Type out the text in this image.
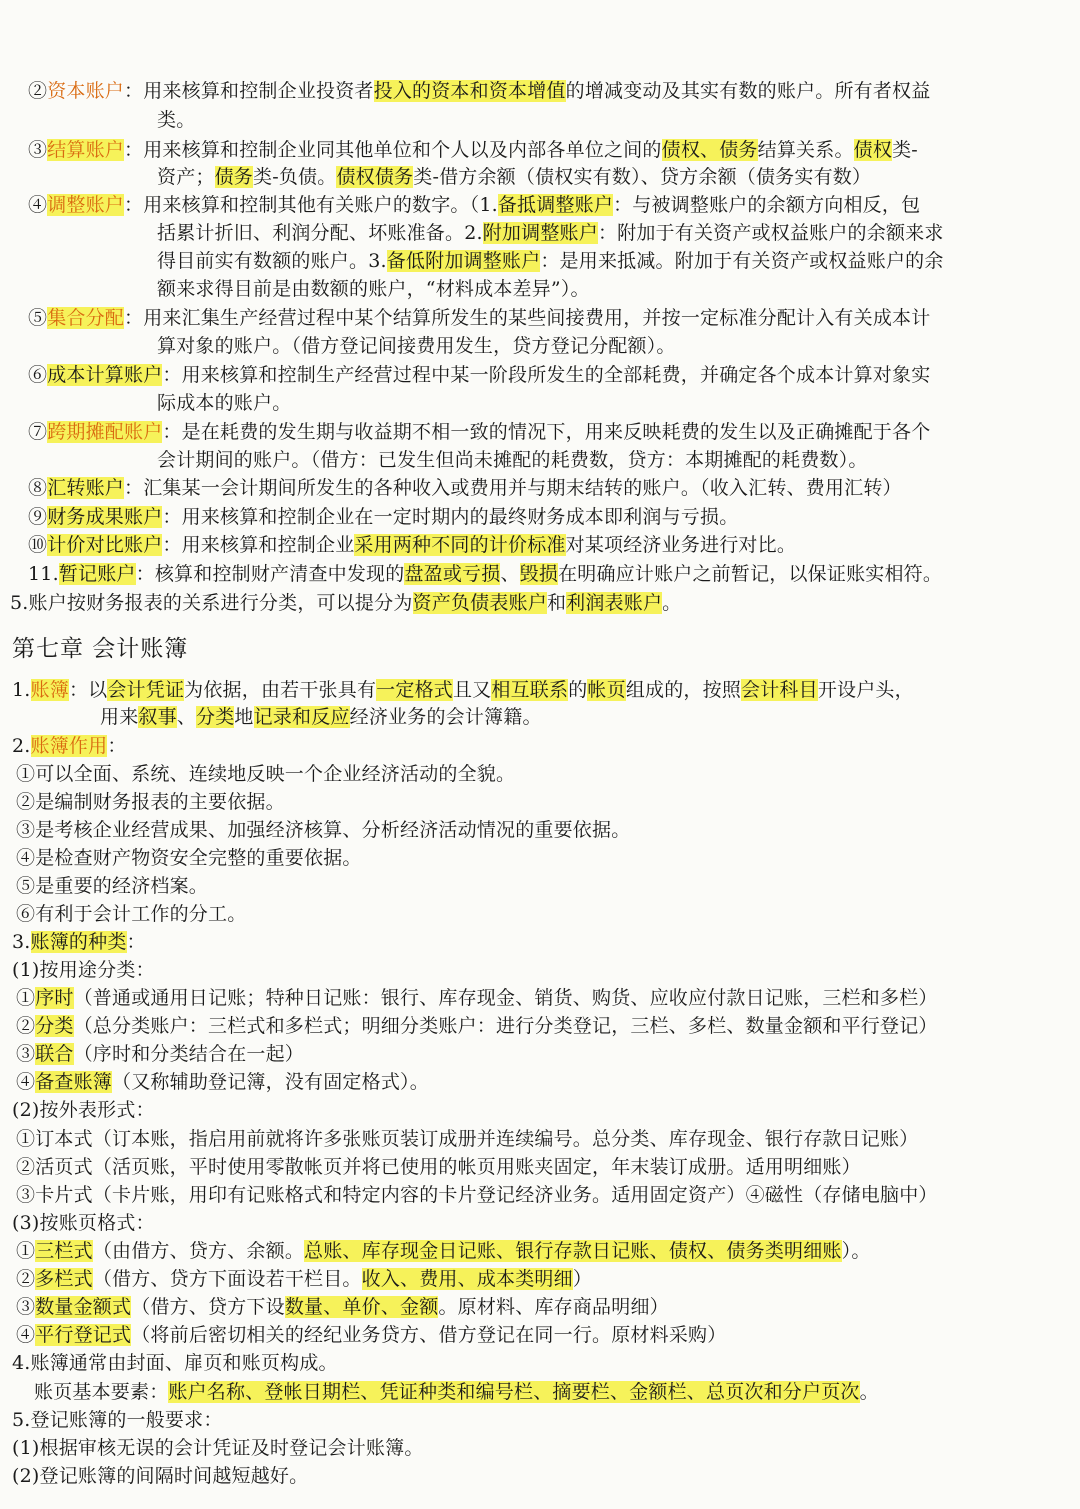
②资本账户：用来核算和控制企业投资者投入的资本和资本增值的增减变动及其实有数的账户。所有者权益
类。
③结算账户：用来核算和控制企业同其他单位和个人以及内部各单位之间的债权、债务结算关系。债权类-
资产；债务类-负债。债权债务类-借方余额（债权实有数）、贷方余额（债务实有数）
④调整账户：用来核算和控制其他有关账户的数字。（1.备抵调整账户：与被调整账户的余额方向相反，包
括累计折旧、利润分配、坏账准备。2.附加调整账户：附加于有关资产或权益账户的余额来求
得目前实有数额的账户。3.备低附加调整账户：是用来抵减。附加于有关资产或权益账户的余
额来求得目前是由数额的账户，“材料成本差异”）。
⑤集合分配：用来汇集生产经营过程中某个结算所发生的某些间接费用，并按一定标准分配计入有关成本计
算对象的账户。（借方登记间接费用发生，贷方登记分配额）。
⑥成本计算账户：用来核算和控制生产经营过程中某一阶段所发生的全部耗费，并确定各个成本计算对象实
际成本的账户。
⑦跨期摊配账户：是在耗费的发生期与收益期不相一致的情况下，用来反映耗费的发生以及正确摊配于各个
会计期间的账户。（借方：已发生但尚未摊配的耗费数，贷方：本期摊配的耗费数）。
⑧汇转账户：汇集某一会计期间所发生的各种收入或费用并与期末结转的账户。（收入汇转、费用汇转）
⑨财务成果账户：用来核算和控制企业在一定时期内的最终财务成本即利润与亏损。
⑩计价对比账户：用来核算和控制企业采用两种不同的计价标准对某项经济业务进行对比。
11.暂记账户：核算和控制财产清查中发现的盘盈或亏损、毁损在明确应计账户之前暂记，以保证账实相符。
5.账户按财务报表的关系进行分类，可以提分为资产负债表账户和利润表账户。
第七章 会计账簿
1.账簿：以会计凭证为依据，由若干张具有一定格式且又相互联系的帐页组成的，按照会计科目开设户头，
用来叙事、分类地记录和反应经济业务的会计簿籍。
2.账簿作用：
①可以全面、系统、连续地反映一个企业经济活动的全貌。
②是编制财务报表的主要依据。
③是考核企业经营成果、加强经济核算、分析经济活动情况的重要依据。
④是检查财产物资安全完整的重要依据。
⑤是重要的经济档案。
⑥有利于会计工作的分工。
3.账簿的种类：
(1)按用途分类：
①序时（普通或通用日记账；特种日记账：银行、库存现金、销货、购货、应收应付款日记账，三栏和多栏）
②分类（总分类账户：三栏式和多栏式；明细分类账户：进行分类登记，三栏、多栏、数量金额和平行登记）
③联合（序时和分类结合在一起）
④备查账簿（又称辅助登记簿，没有固定格式）。
(2)按外表形式：
①订本式（订本账，指启用前就将许多张账页装订成册并连续编号。总分类、库存现金、银行存款日记账）
②活页式（活页账，平时使用零散帐页并将已使用的帐页用账夹固定，年末装订成册。适用明细账）
③卡片式（卡片账，用印有记账格式和特定内容的卡片登记经济业务。适用固定资产）④磁性（存储电脑中）
(3)按账页格式：
①三栏式（由借方、贷方、余额。总账、库存现金日记账、银行存款日记账、债权、债务类明细账）。
②多栏式（借方、贷方下面设若干栏目。收入、费用、成本类明细）
③数量金额式（借方、贷方下设数量、单价、金额。原材料、库存商品明细）
④平行登记式（将前后密切相关的经纪业务贷方、借方登记在同一行。原材料采购）
4.账簿通常由封面、扉页和账页构成。
账页基本要素：账户名称、登帐日期栏、凭证种类和编号栏、摘要栏、金额栏、总页次和分户页次。
5.登记账簿的一般要求：
(1)根据审核无误的会计凭证及时登记会计账簿。
(2)登记账簿的间隔时间越短越好。
